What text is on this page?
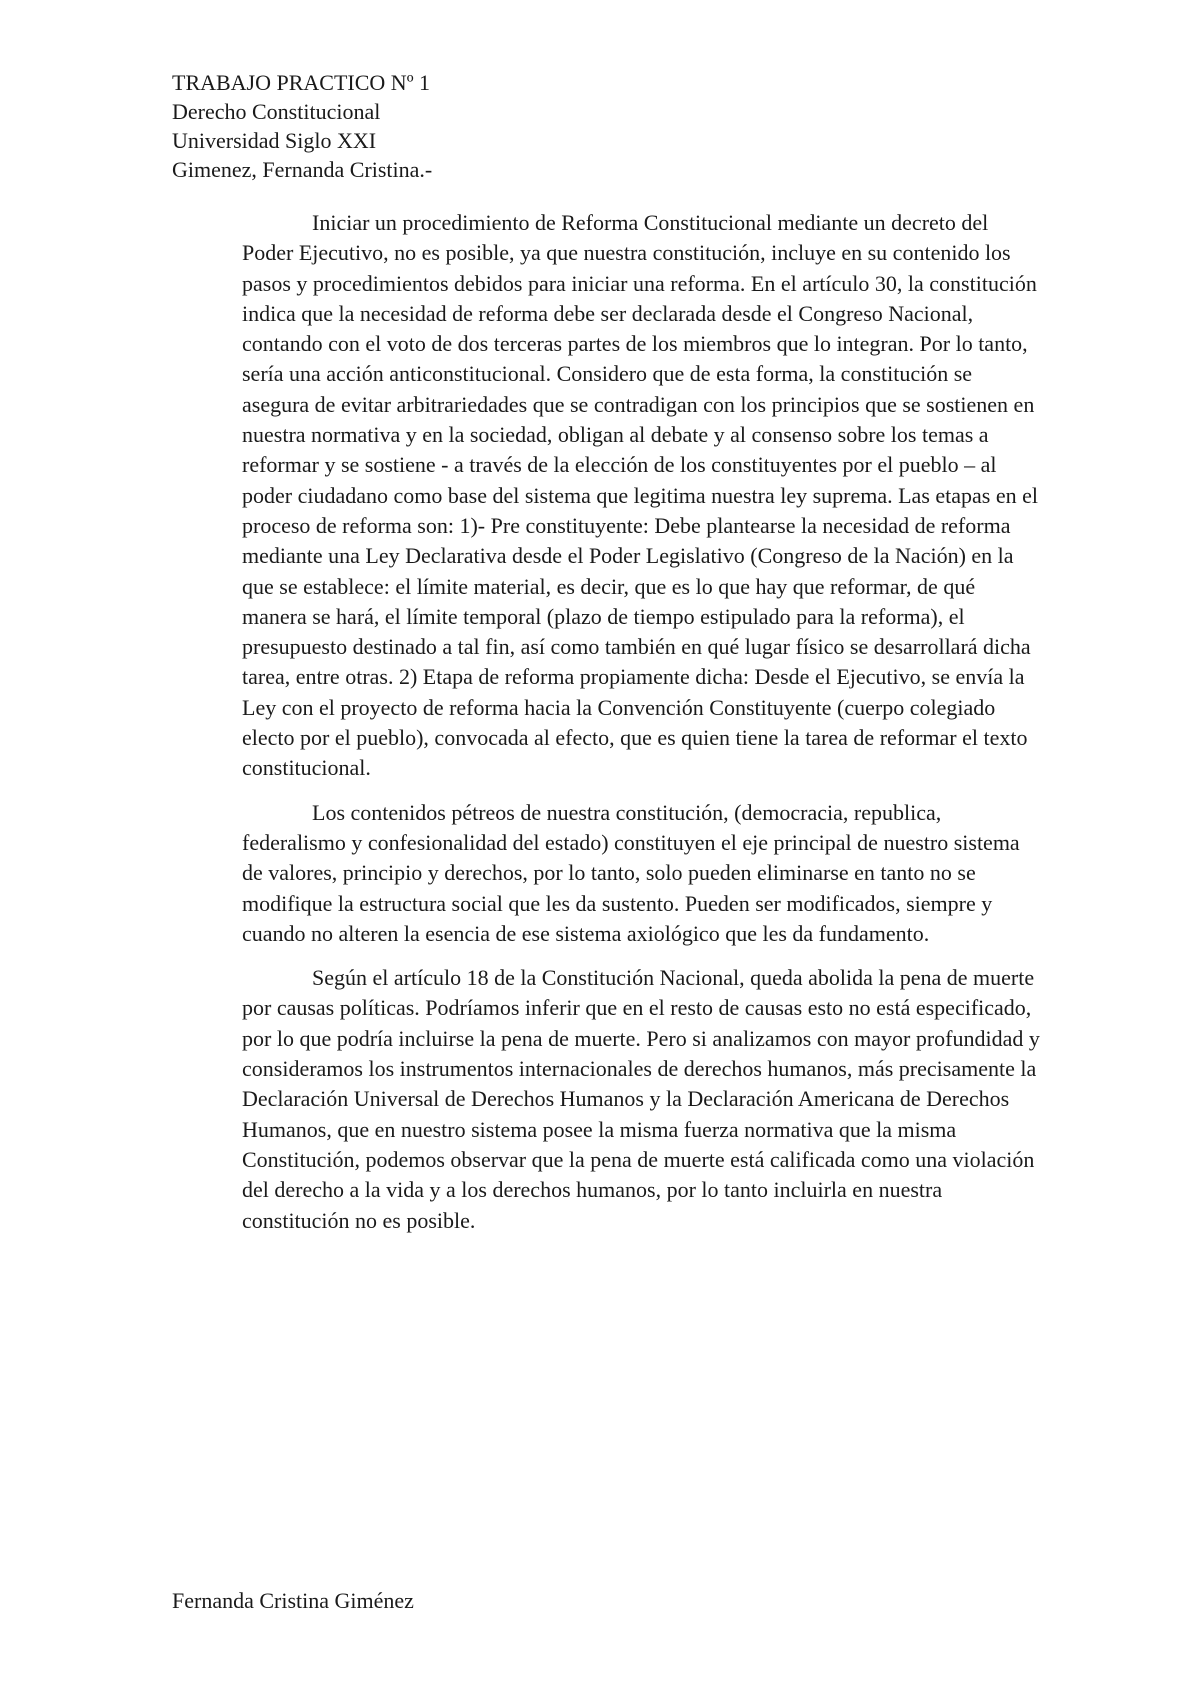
TRABAJO PRACTICO Nº 1
Derecho Constitucional
Universidad Siglo XXI
Gimenez, Fernanda Cristina.-

Iniciar un procedimiento de Reforma Constitucional mediante un decreto del Poder Ejecutivo, no es posible, ya que nuestra constitución, incluye en su contenido los pasos y procedimientos debidos para iniciar una reforma. En el artículo 30, la constitución indica que la necesidad de reforma debe ser declarada desde el Congreso Nacional, contando con el voto de dos terceras partes de los miembros que lo integran. Por lo tanto, sería una acción anticonstitucional. Considero que de esta forma, la constitución se asegura de evitar arbitrariedades que se contradigan con los principios que se sostienen en nuestra normativa y en la sociedad, obligan al debate y al consenso sobre los temas a reformar y se sostiene - a través de la elección de los constituyentes por el pueblo – al poder ciudadano como base del sistema que legitima nuestra ley suprema. Las etapas en el proceso de reforma son: 1)- Pre constituyente: Debe plantearse la necesidad de reforma mediante una Ley Declarativa desde el Poder Legislativo (Congreso de la Nación) en la que se establece: el límite material, es decir, que es lo que hay que reformar, de qué manera se hará, el límite temporal (plazo de tiempo estipulado para la reforma), el presupuesto destinado a tal fin, así como también en qué lugar físico se desarrollará dicha tarea, entre otras. 2) Etapa de reforma propiamente dicha: Desde el Ejecutivo, se envía la Ley con el proyecto de reforma hacia la Convención Constituyente (cuerpo colegiado electo por el pueblo), convocada al efecto, que es quien tiene la tarea de reformar el texto constitucional.

Los contenidos pétreos de nuestra constitución, (democracia, republica, federalismo y confesionalidad del estado) constituyen el eje principal de nuestro sistema de valores, principio y derechos, por lo tanto, solo pueden eliminarse en tanto no se modifique la estructura social que les da sustento. Pueden ser modificados, siempre y cuando no alteren la esencia de ese sistema axiológico que les da fundamento.

Según el artículo 18 de la Constitución Nacional, queda abolida la pena de muerte por causas políticas. Podríamos inferir que en el resto de causas esto no está especificado, por lo que podría incluirse la pena de muerte. Pero si analizamos con mayor profundidad y consideramos los instrumentos internacionales de derechos humanos, más precisamente la Declaración Universal de Derechos Humanos y la Declaración Americana de Derechos Humanos, que en nuestro sistema posee la misma fuerza normativa que la misma Constitución, podemos observar que la pena de muerte está calificada como una violación del derecho a la vida y a los derechos humanos, por lo tanto incluirla en nuestra constitución no es posible.

Fernanda Cristina Giménez
